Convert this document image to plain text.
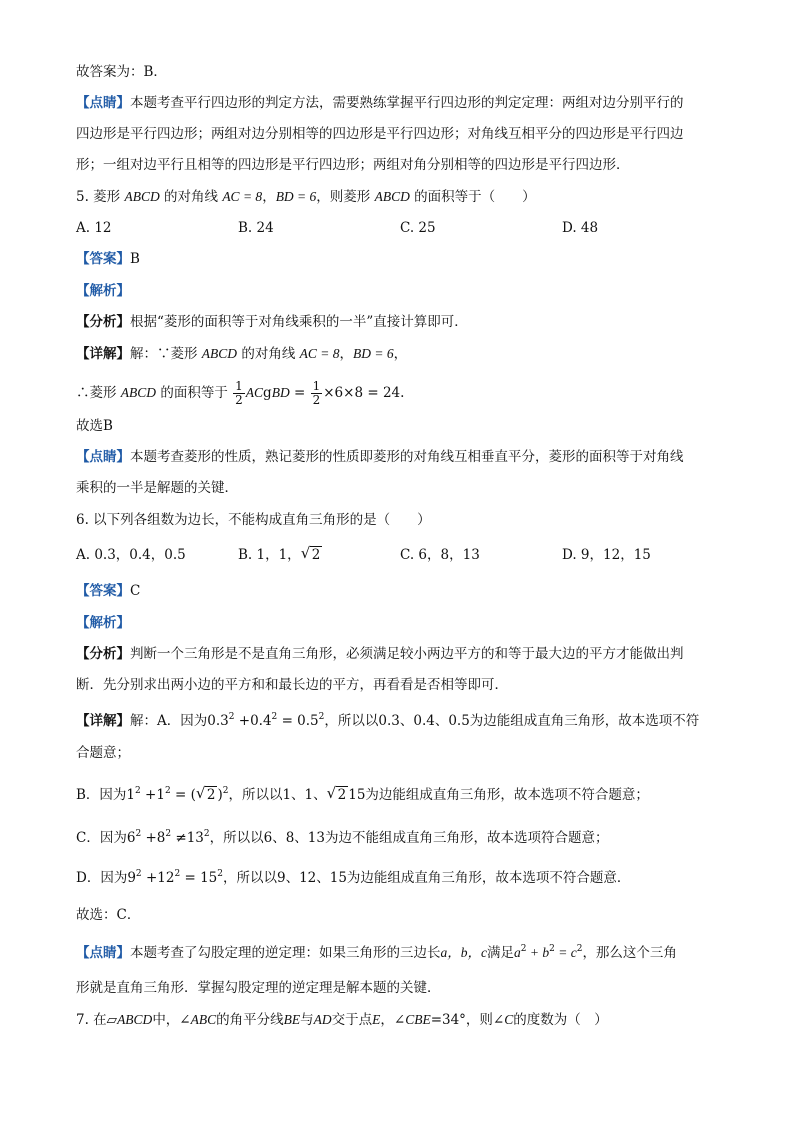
故答案为：B．
【点睛】本题考查平行四边形的判定方法，需要熟练掌握平行四边形的判定定理：两组对边分别平行的
四边形是平行四边形；两组对边分别相等的四边形是平行四边形；对角线互相平分的四边形是平行四边
形；一组对边平行且相等的四边形是平行四边形；两组对角分别相等的四边形是平行四边形．
5. 菱形 ABCD 的对角线 AC = 8，BD = 6，则菱形 ABCD 的面积等于（　　）
A. 12	B. 24	C. 25	D. 48
【答案】B
【解析】
【分析】根据“菱形的面积等于对角线乘积的一半”直接计算即可．
【详解】解：∵菱形 ABCD 的对角线 AC = 8，BD = 6，
∴菱形 ABCD 的面积等于 $\frac{1}{2}$ ACgBD = $\frac{1}{2} \times 6\times 8 = 24$.
故选B
【点睛】本题考查菱形的性质，熟记菱形的性质即菱形的对角线互相垂直平分，菱形的面积等于对角线
乘积的一半是解题的关键．
6. 以下列各组数为边长，不能构成直角三角形的是（　　）
A. 0.3，0.4，0.5	B. 1，1， √ 2	C. 6，8，13	D. 9，12，15
【答案】C
【解析】
【分析】判断一个三角形是不是直角三角形，必须满足较小两边平方的和等于最大边的平方才能做出判
断．先分别求出两小边的平方和和最长边的平方，再看看是否相等即可．
【详解】解：A．因为$0.3^2 +0.4^2 = 0.5^2$，所以以0.3、0.4、0.5为边能组成直角三角形，故本选项不符
合题意；
B．因为$1^2 +1^2$ = ( √ 2 )$^2$，所以以1、1、 √ 2 15为边能组成直角三角形，故本选项不符合题意；
C．因为$6^2 +8^2 \ne 13^2$，所以以6、8、13为边不能组成直角三角形，故本选项符合题意；
D．因为$9^2 +12^2 = 15^2$，所以以9、12、15为边能组成直角三角形，故本选项不符合题意．
故选：C．
【点睛】本题考查了勾股定理的逆定理：如果三角形的三边长a，b，c满足$a^2 + b^2 = c^2$，那么这个三角
形就是直角三角形．掌握勾股定理的逆定理是解本题的关键．
7. 在▱ABCD中，∠ABC的角平分线BE与AD交于点E，∠CBE=34°，则∠C的度数为（　）
